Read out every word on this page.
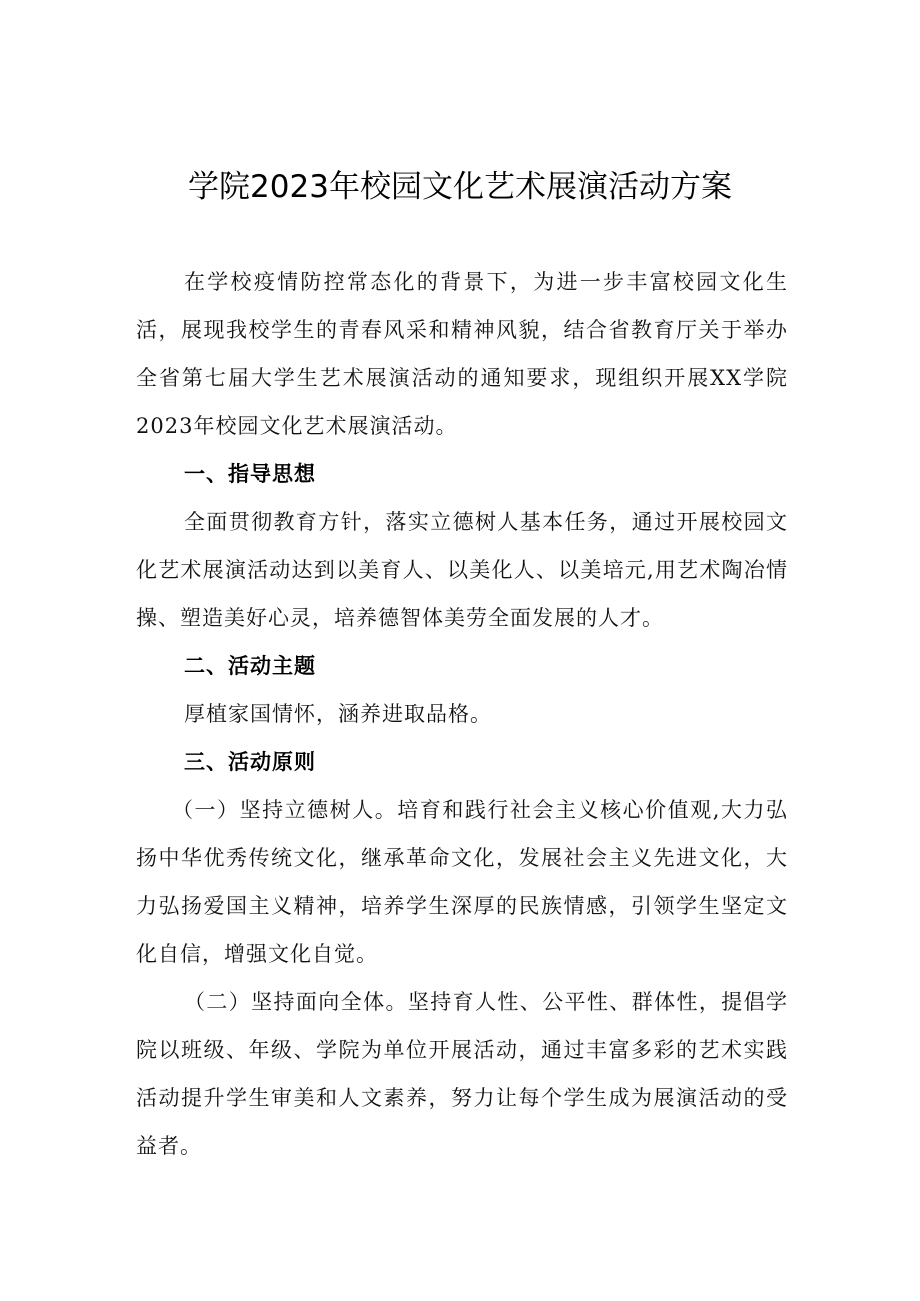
学院2023年校园文化艺术展演活动方案

在学校疫情防控常态化的背景下，为进一步丰富校园文化生活，展现我校学生的青春风采和精神风貌，结合省教育厅关于举办全省第七届大学生艺术展演活动的通知要求，现组织开展XX学院2023年校园文化艺术展演活动。

一、指导思想

全面贯彻教育方针，落实立德树人基本任务，通过开展校园文化艺术展演活动达到以美育人、以美化人、以美培元,用艺术陶冶情操、塑造美好心灵，培养德智体美劳全面发展的人才。

二、活动主题

厚植家国情怀，涵养进取品格。

三、活动原则

（一）坚持立德树人。培育和践行社会主义核心价值观,大力弘扬中华优秀传统文化，继承革命文化，发展社会主义先进文化，大力弘扬爱国主义精神，培养学生深厚的民族情感，引领学生坚定文化自信，增强文化自觉。

（二）坚持面向全体。坚持育人性、公平性、群体性，提倡学院以班级、年级、学院为单位开展活动，通过丰富多彩的艺术实践活动提升学生审美和人文素养，努力让每个学生成为展演活动的受益者。
